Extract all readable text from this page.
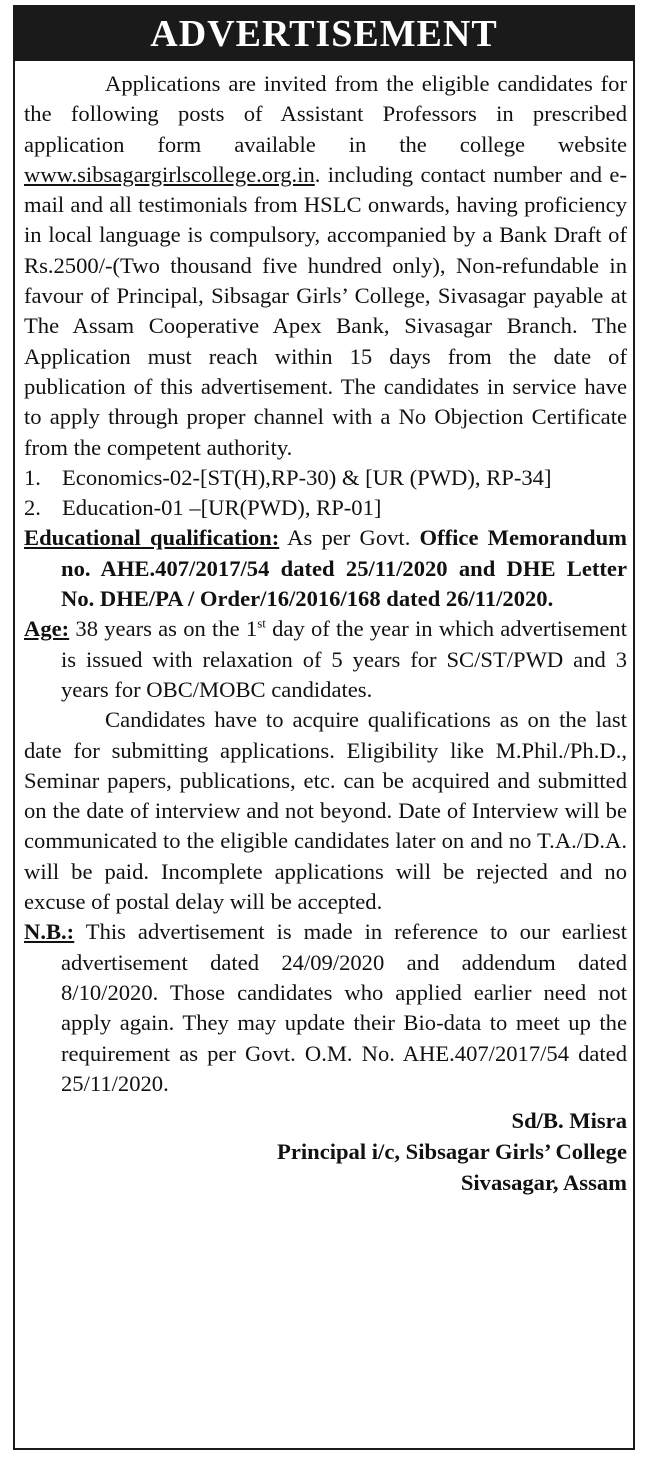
ADVERTISEMENT

Applications are invited from the eligible candidates for the following posts of Assistant Professors in prescribed application form available in the college website www.sibsagargirlscollege.org.in. including contact number and e-mail and all testimonials from HSLC onwards, having proficiency in local language is compulsory, accompanied by a Bank Draft of Rs.2500/-(Two thousand five hundred only), Non-refundable in favour of Principal, Sibsagar Girls’ College, Sivasagar payable at The Assam Cooperative Apex Bank, Sivasagar Branch. The Application must reach within 15 days from the date of publication of this advertisement. The candidates in service have to apply through proper channel with a No Objection Certificate from the competent authority.

1. Economics-02-[ST(H),RP-30) & [UR (PWD), RP-34]
2. Education-01 –[UR(PWD), RP-01]

Educational qualification: As per Govt. Office Memorandum no. AHE.407/2017/54 dated 25/11/2020 and DHE Letter No. DHE/PA / Order/16/2016/168 dated 26/11/2020.

Age: 38 years as on the 1st day of the year in which advertisement is issued with relaxation of 5 years for SC/ST/PWD and 3 years for OBC/MOBC candidates.

Candidates have to acquire qualifications as on the last date for submitting applications. Eligibility like M.Phil./Ph.D., Seminar papers, publications, etc. can be acquired and submitted on the date of interview and not beyond. Date of Interview will be communicated to the eligible candidates later on and no T.A./D.A. will be paid. Incomplete applications will be rejected and no excuse of postal delay will be accepted.

N.B.: This advertisement is made in reference to our earliest advertisement dated 24/09/2020 and addendum dated 8/10/2020. Those candidates who applied earlier need not apply again. They may update their Bio-data to meet up the requirement as per Govt. O.M. No. AHE.407/2017/54 dated 25/11/2020.

Sd/B. Misra
Principal i/c, Sibsagar Girls’ College
Sivasagar, Assam
